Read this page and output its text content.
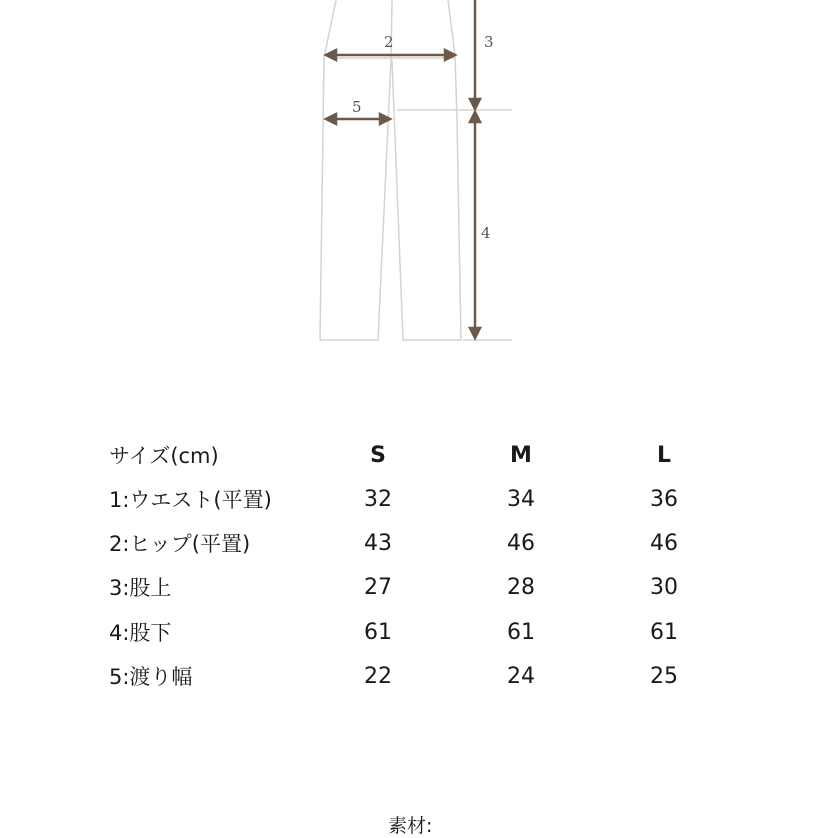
2	3
5
4
サイズ(cm)	S	M	L
1:ウエスト(平置)	32	34	36
2:ヒップ(平置)	43	46	46
3:股上	27	28	30
4:股下	61	61	61
5:渡り幅	22	24	25
素材:
